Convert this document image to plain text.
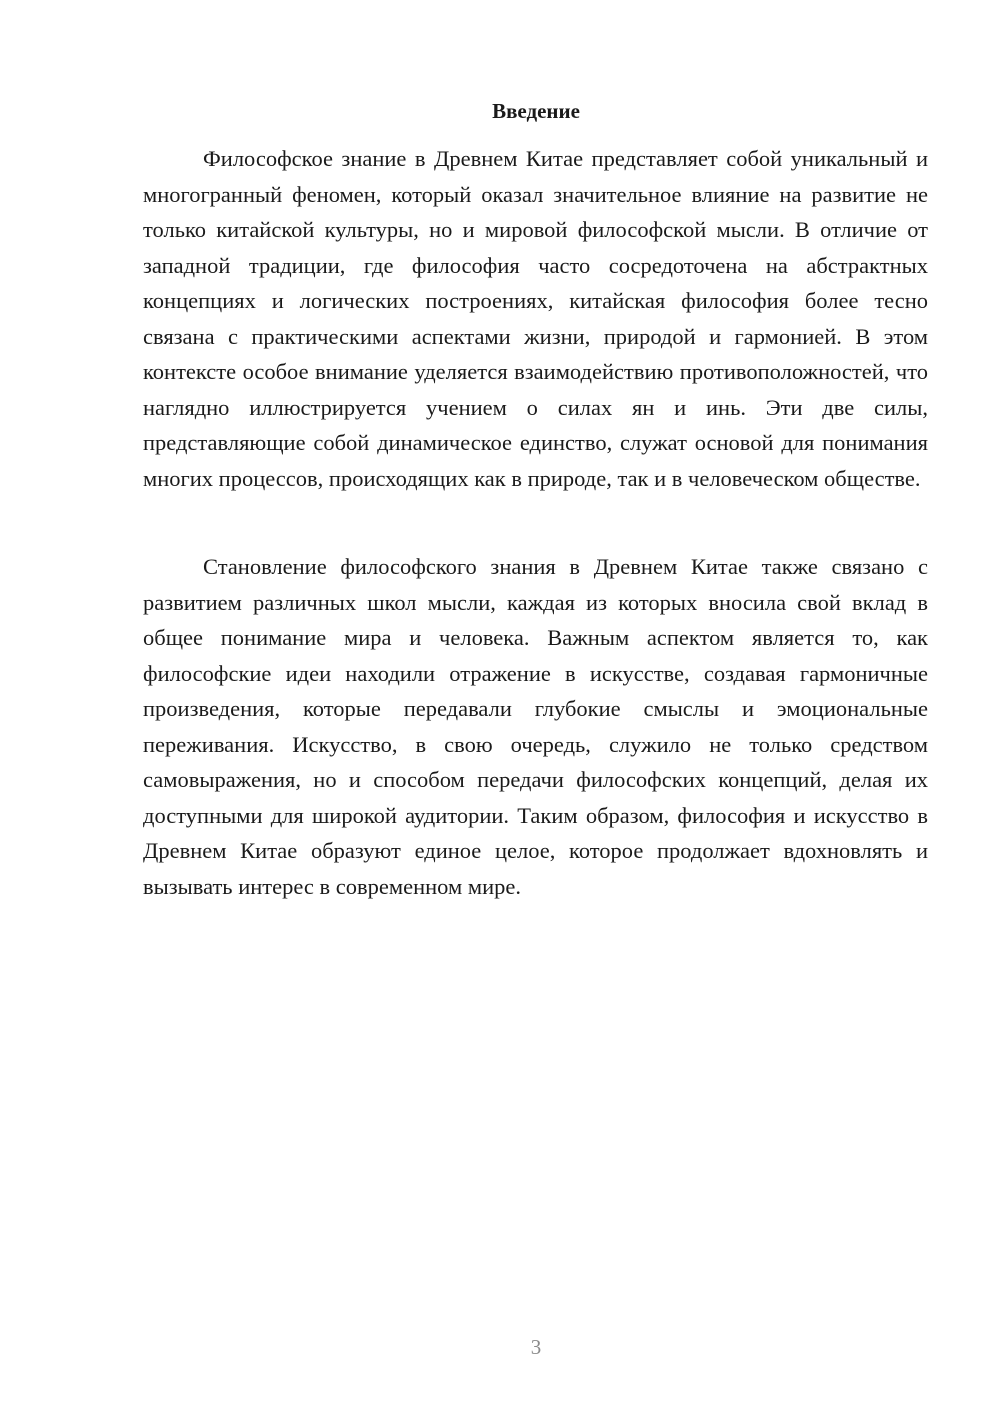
Введение

Философское знание в Древнем Китае представляет собой уникальный и многогранный феномен, который оказал значительное влияние на развитие не только китайской культуры, но и мировой философской мысли. В отличие от западной традиции, где философия часто сосредоточена на абстрактных концепциях и логических построениях, китайская философия более тесно связана с практическими аспектами жизни, природой и гармонией. В этом контексте особое внимание уделяется взаимодействию противоположностей, что наглядно иллюстрируется учением о силах ян и инь. Эти две силы, представляющие собой динамическое единство, служат основой для понимания многих процессов, происходящих как в природе, так и в человеческом обществе.

Становление философского знания в Древнем Китае также связано с развитием различных школ мысли, каждая из которых вносила свой вклад в общее понимание мира и человека. Важным аспектом является то, как философские идеи находили отражение в искусстве, создавая гармоничные произведения, которые передавали глубокие смыслы и эмоциональные переживания. Искусство, в свою очередь, служило не только средством самовыражения, но и способом передачи философских концепций, делая их доступными для широкой аудитории. Таким образом, философия и искусство в Древнем Китае образуют единое целое, которое продолжает вдохновлять и вызывать интерес в современном мире.

3
